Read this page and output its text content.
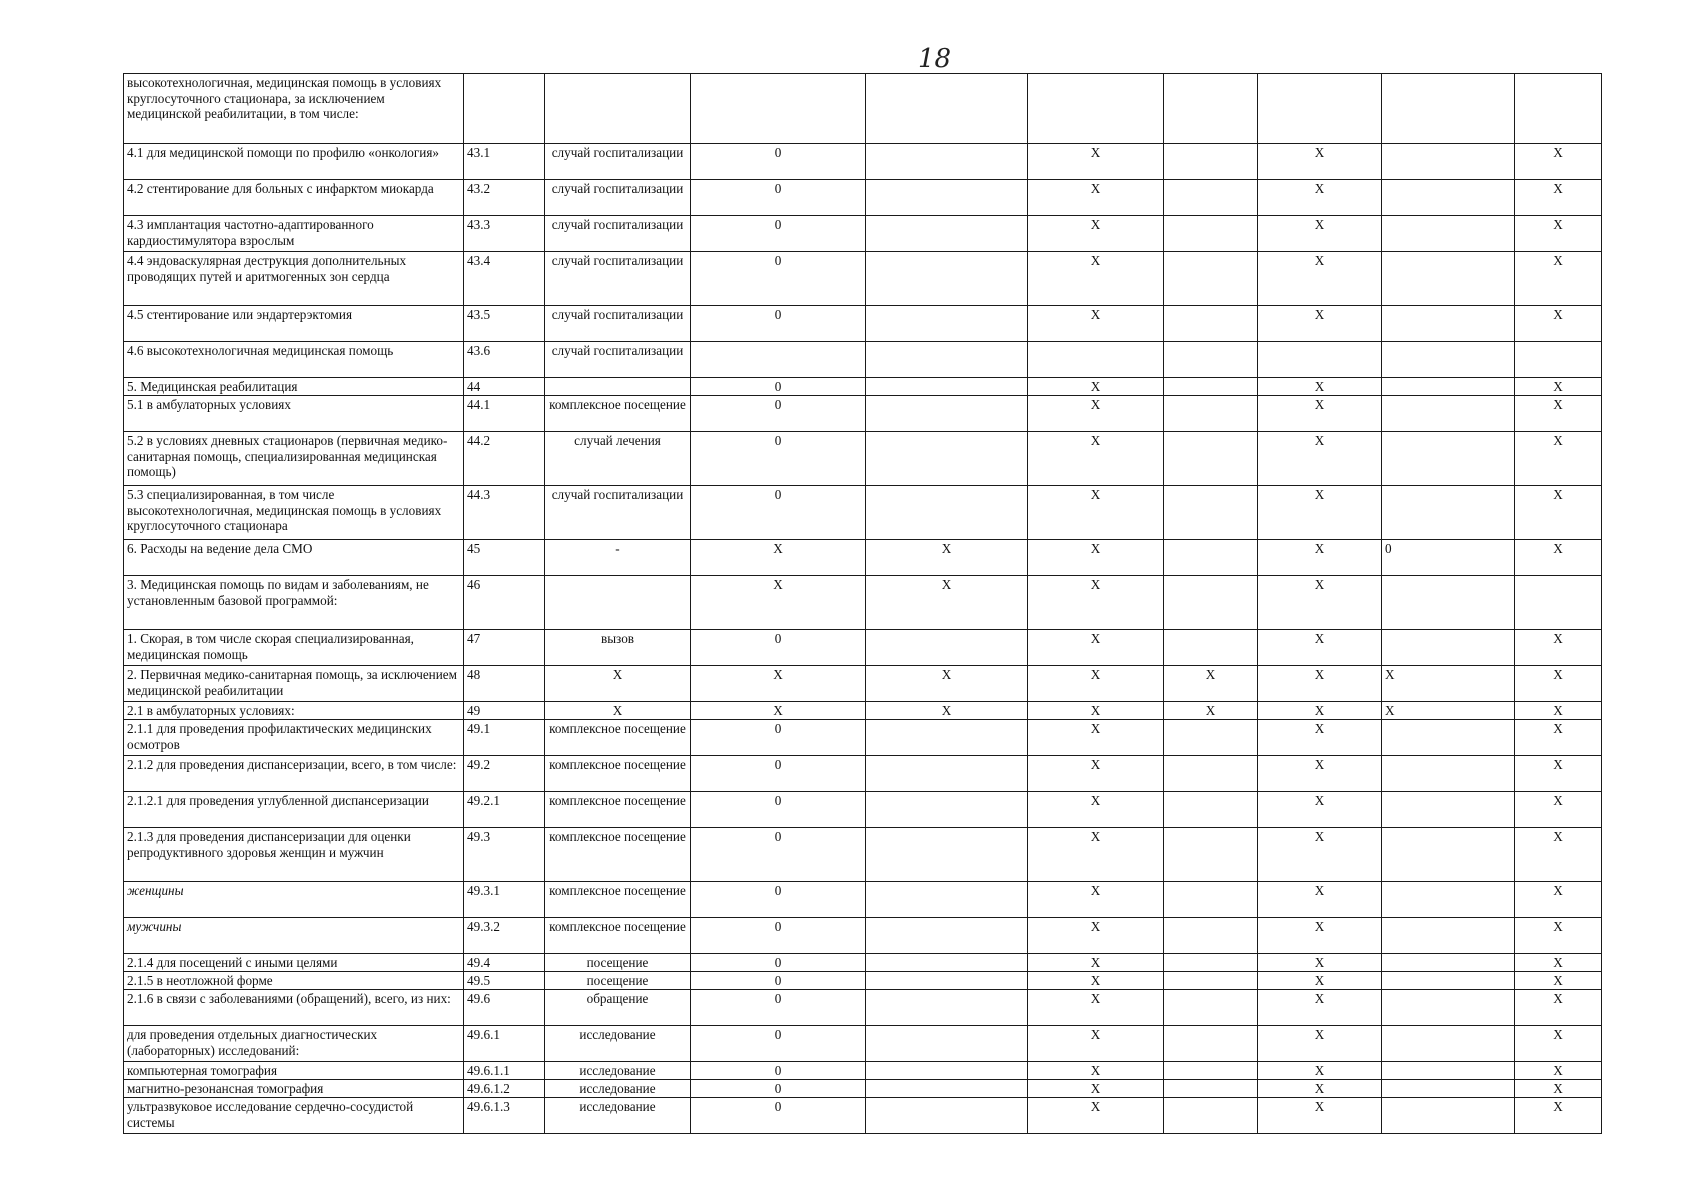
18
высокотехнологичная, медицинская помощь в условиях круглосуточного стационара, за исключением медицинской реабилитации, в том числе:									
4.1 для медицинской помощи по профилю «онкология»	43.1	случай госпитализации	0		X		X		X
4.2 стентирование для больных с инфарктом миокарда	43.2	случай госпитализации	0		X		X		X
4.3 имплантация частотно-адаптированного кардиостимулятора взрослым	43.3	случай госпитализации	0		X		X		X
4.4 эндоваскулярная деструкция дополнительных проводящих путей и аритмогенных зон сердца	43.4	случай госпитализации	0		X		X		X
4.5 стентирование или эндартерэктомия	43.5	случай госпитализации	0		X		X		X
4.6 высокотехнологичная медицинская помощь	43.6	случай госпитализации							
5. Медицинская реабилитация	44		0		X		X		X
5.1 в амбулаторных условиях	44.1	комплексное посещение	0		X		X		X
5.2 в условиях дневных стационаров (первичная медико-санитарная помощь, специализированная медицинская помощь)	44.2	случай лечения	0		X		X		X
5.3 специализированная, в том числе высокотехнологичная, медицинская помощь в условиях круглосуточного стационара	44.3	случай госпитализации	0		X		X		X
6. Расходы на ведение дела СМО	45	-	X	X	X		X	0	X
3. Медицинская помощь по видам и заболеваниям, не установленным базовой программой:	46		X	X	X		X		
1. Скорая, в том числе скорая специализированная, медицинская помощь	47	вызов	0		X		X		X
2. Первичная медико-санитарная помощь, за исключением медицинской реабилитации	48	X	X	X	X	X	X	X	X
2.1 в амбулаторных условиях:	49	X	X	X	X	X	X	X	X
2.1.1 для проведения профилактических медицинских осмотров	49.1	комплексное посещение	0		X		X		X
2.1.2 для проведения диспансеризации, всего, в том числе:	49.2	комплексное посещение	0		X		X		X
2.1.2.1 для проведения углубленной диспансеризации	49.2.1	комплексное посещение	0		X		X		X
2.1.3 для проведения диспансеризации для оценки репродуктивного здоровья женщин и мужчин	49.3	комплексное посещение	0		X		X		X
женщины	49.3.1	комплексное посещение	0		X		X		X
мужчины	49.3.2	комплексное посещение	0		X		X		X
2.1.4 для посещений с иными целями	49.4	посещение	0		X		X		X
2.1.5 в неотложной форме	49.5	посещение	0		X		X		X
2.1.6 в связи с заболеваниями (обращений), всего, из них:	49.6	обращение	0		X		X		X
для проведения отдельных диагностических (лабораторных) исследований:	49.6.1	исследование	0		X		X		X
компьютерная томография	49.6.1.1	исследование	0		X		X		X
магнитно-резонансная томография	49.6.1.2	исследование	0		X		X		X
ультразвуковое исследование сердечно-сосудистой системы	49.6.1.3	исследование	0		X		X		X
